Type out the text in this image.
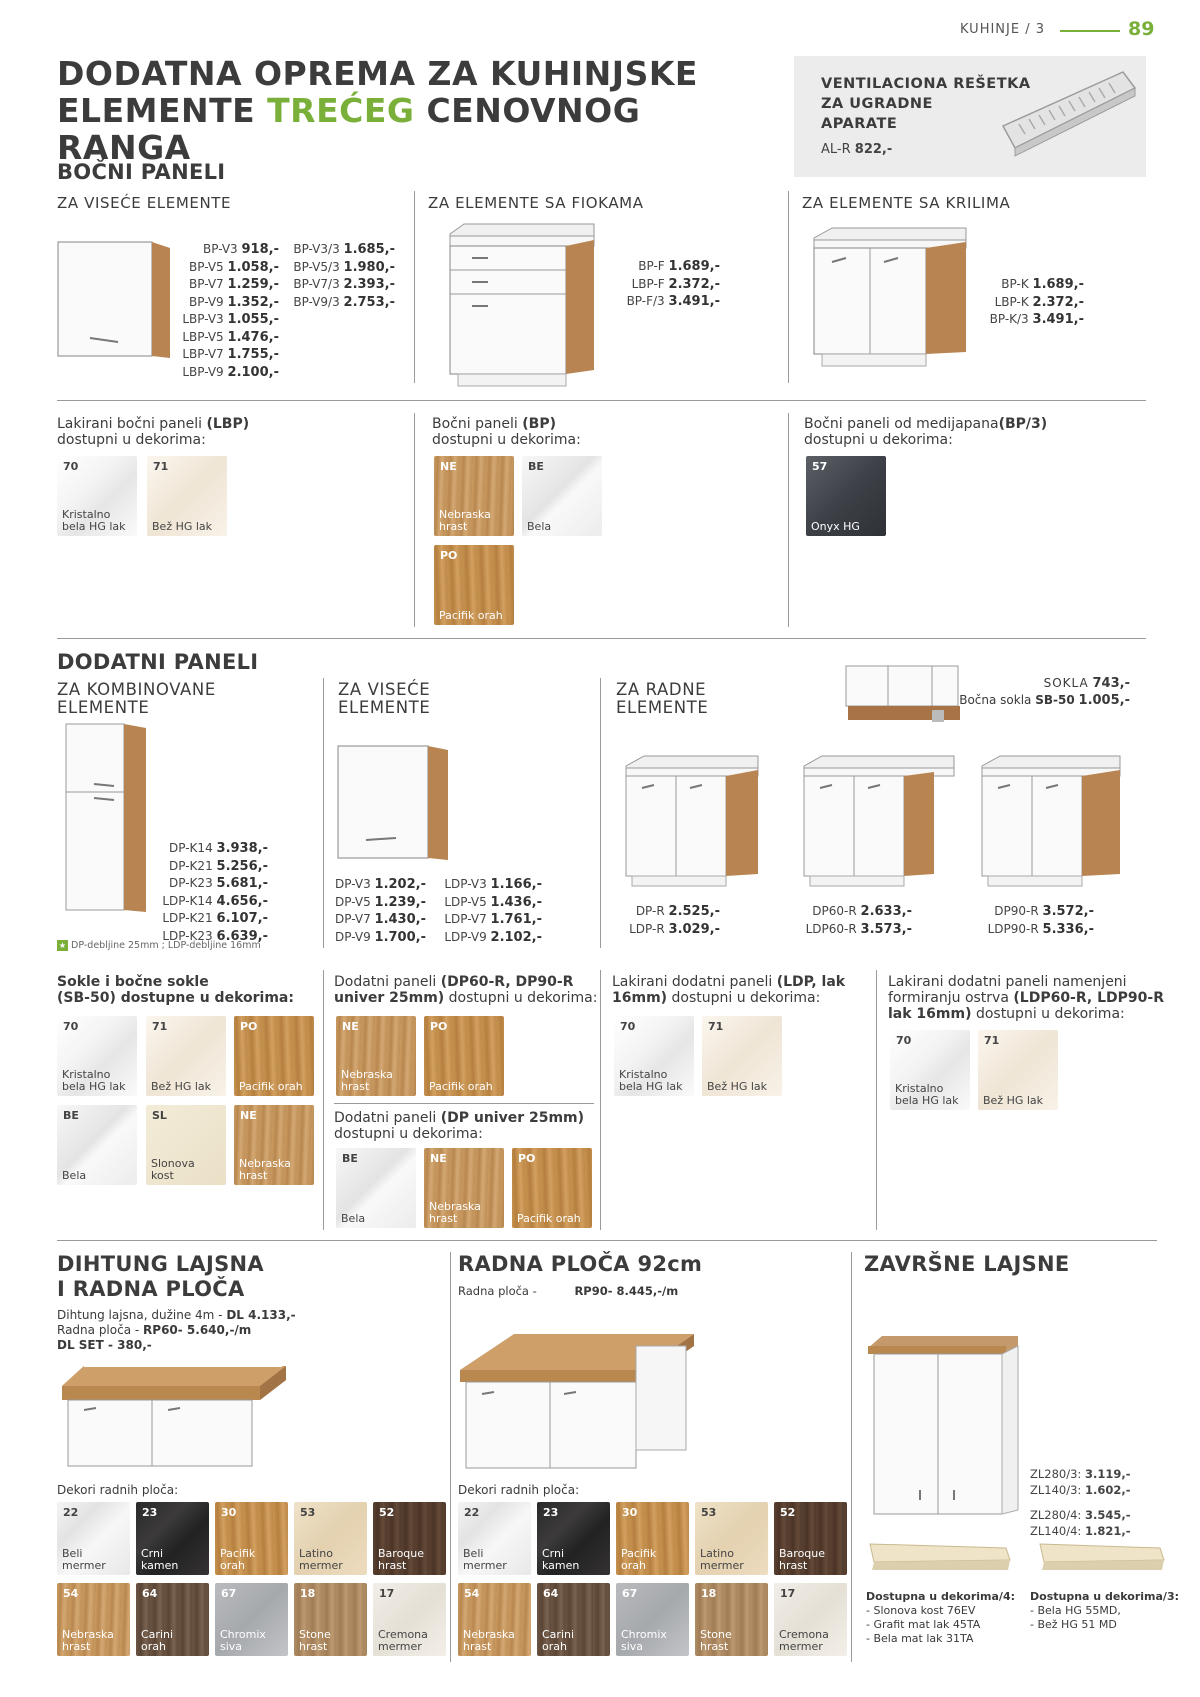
KUHINJE / 3	89
DODATNA OPREMA ZA KUHINJSKE
ELEMENTE TREĆEG CENOVNOG RANGA
VENTILACIONA REŠETKA
ZA UGRADNE
APARATE
AL-R 822,-
BOČNI PANELI
ZA VISEĆE ELEMENTE	ZA ELEMENTE SA FIOKAMA	ZA ELEMENTE SA KRILIMA
BP-V3 918,-
BP-V5 1.058,-
BP-V7 1.259,-
BP-V9 1.352,-
LBP-V3 1.055,-
LBP-V5 1.476,-
LBP-V7 1.755,-
LBP-V9 2.100,-
BP-V3/3 1.685,-
BP-V5/3 1.980,-
BP-V7/3 2.393,-
BP-V9/3 2.753,-
BP-F 1.689,-
LBP-F 2.372,-
BP-F/3 3.491,-
BP-K 1.689,-
LBP-K 2.372,-
BP-K/3 3.491,-
Lakirani bočni paneli (LBP)
dostupni u dekorima:
Bočni paneli (BP)
dostupni u dekorima:
Bočni paneli od medijapana(BP/3)
dostupni u dekorima:
70
Kristalno
bela HG lak
71
Bež HG lak
NE
Nebraska
hrast
BE
Bela
PO
Pacifik orah
57
Onyx HG
DODATNI PANELI
ZA KOMBINOVANE
ELEMENTE
ZA VISEĆE
ELEMENTE
ZA RADNE
ELEMENTE
SOKLA 743,-
Bočna sokla SB-50 1.005,-
DP-K14 3.938,-
DP-K21 5.256,-
DP-K23 5.681,-
LDP-K14 4.656,-
LDP-K21 6.107,-
LDP-K23 6.639,-
★ DP-debljine 25mm ; LDP-debljine 16mm
DP-V3 1.202,-
DP-V5 1.239,-
DP-V7 1.430,-
DP-V9 1.700,-
LDP-V3 1.166,-
LDP-V5 1.436,-
LDP-V7 1.761,-
LDP-V9 2.102,-
DP-R 2.525,-
LDP-R 3.029,-
DP60-R 2.633,-
LDP60-R 3.573,-
DP90-R 3.572,-
LDP90-R 5.336,-
Sokle i bočne sokle
(SB-50) dostupne u dekorima:
Dodatni paneli (DP60-R, DP90-R
univer 25mm) dostupni u dekorima:
Lakirani dodatni paneli (LDP, lak
16mm) dostupni u dekorima:
Lakirani dodatni paneli namenjeni
formiranju ostrva (LDP60-R, LDP90-R
lak 16mm) dostupni u dekorima:
70
Kristalno
bela HG lak
71
Bež HG lak
PO
Pacifik orah
BE
Bela
SL
Slonova
kost
NE
Nebraska
hrast
NE
Nebraska
hrast
PO
Pacifik orah
Dodatni paneli (DP univer 25mm)
dostupni u dekorima:
BE
Bela
NE
Nebraska
hrast
PO
Pacifik orah
70
Kristalno
bela HG lak
71
Bež HG lak
70
Kristalno
bela HG lak
71
Bež HG lak
DIHTUNG LAJSNA
I RADNA PLOČA
Dihtung lajsna, dužine 4m - DL 4.133,-
Radna ploča - RP60- 5.640,-/m
DL SET - 380,-
RADNA PLOČA 92cm
Radna ploča -	RP90- 8.445,-/m
Dekori radnih ploča:	Dekori radnih ploča:
22
Beli
mermer
23
Crni
kamen
30
Pacifik
orah
53
Latino
mermer
52
Baroque
hrast
54
Nebraska
hrast
64
Carini
orah
67
Chromix
siva
18
Stone
hrast
17
Cremona
mermer
22
Beli
mermer
23
Crni
kamen
30
Pacifik
orah
53
Latino
mermer
52
Baroque
hrast
54
Nebraska
hrast
64
Carini
orah
67
Chromix
siva
18
Stone
hrast
17
Cremona
mermer
ZAVRŠNE LAJSNE
ZL280/3: 3.119,-
ZL140/3: 1.602,-
ZL280/4: 3.545,-
ZL140/4: 1.821,-
Dostupna u dekorima/4:
- Slonova kost 76EV
- Grafit mat lak 45TA
- Bela mat lak 31TA
Dostupna u dekorima/3:
- Bela HG 55MD,
- Bež HG 51 MD
